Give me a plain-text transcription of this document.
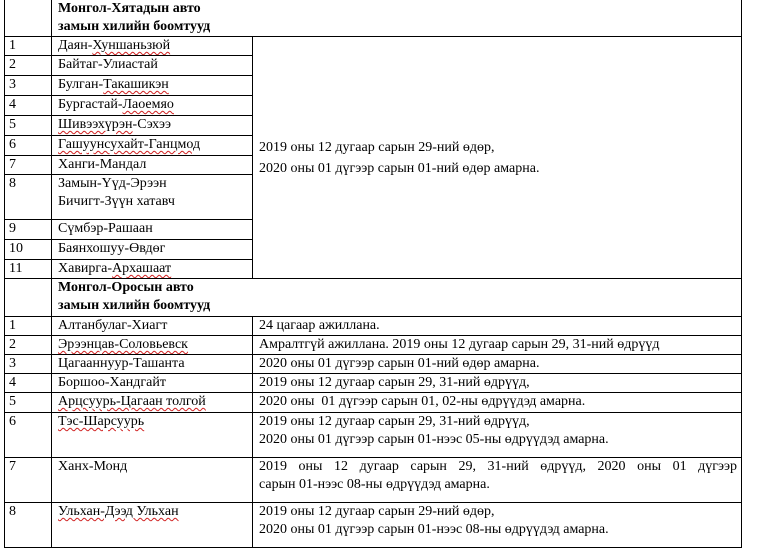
	Монгол-Хятадын авто
замын хилийн боомтууд	

1	Даян-Хуншаньзюй	2019 оны 12 дугаар сарын 29-ний өдөр,
2020 оны 01 дүгээр сарын 01-ний өдөр амарна.

2	Байтаг-Улиастай	
3	Булган-Такашикэн	
4	Бургастай-Лаоемяо	
5	Шивээхүрэн-Сэхээ	
6	Гашуунсухайт-Ганцмод	
7	Ханги-Мандал	
8	Замын-Үүд-Эрээн
Бичигт-Зүүн хатавч	

9	Сүмбэр-Рашаан	
10	Баянхошуу-Өвдөг	
11	Хавирга-Архашаат	

	Монгол-Оросын авто
замын хилийн боомтууд	

1	Алтанбулаг-Хиагт	24 цагаар ажиллана.
2	Эрээнцав-Соловьевск	Амралтгүй ажиллана. 2019 оны 12 дугаар сарын 29, 31-ний өдрүүд
3	Цагааннуур-Ташанта	2020 оны 01 дүгээр сарын 01-ний өдөр амарна.
4	Боршоо-Хандгайт	2019 оны 12 дугаар сарын 29, 31-ний өдрүүд,
5	Арцсуурь-Цагаан толгой	2020 оны  01 дүгээр сарын 01, 02-ны өдрүүдэд амарна.
6	Тэс-Шарсуурь	2019 оны 12 дугаар сарын 29, 31-ний өдрүүд,
2020 оны 01 дүгээр сарын 01-нээс 05-ны өдрүүдэд амарна.

7	Ханх-Монд	2019 оны 12 дугаар сарын 29, 31-ний өдрүүд, 2020 оны 01 дүгээр
сарын 01-нээс 08-ны өдрүүдэд амарна.

8	Ульхан-Дээд Ульхан	2019 оны 12 дугаар сарын 29-ний өдөр,
2020 оны 01 дүгээр сарын 01-нээс 08-ны өдрүүдэд амарна.
